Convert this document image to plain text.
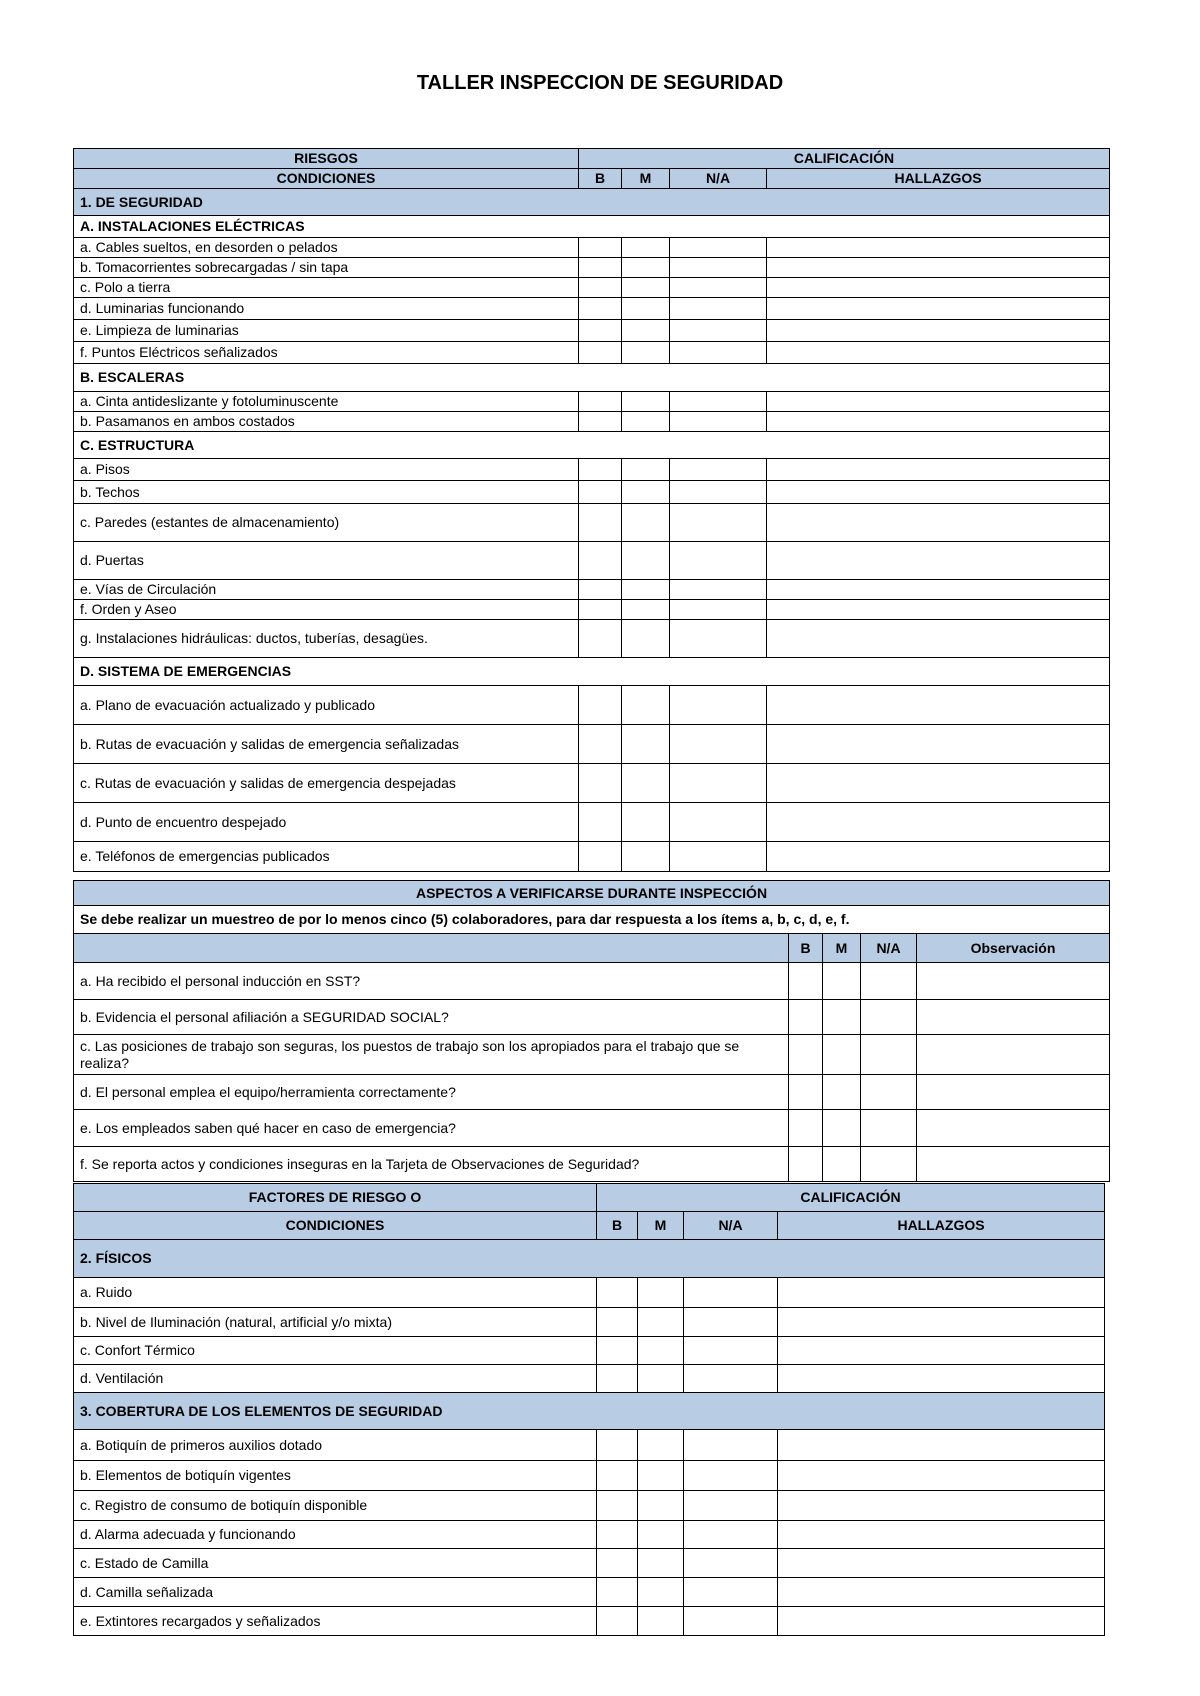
TALLER INSPECCION DE SEGURIDAD
RIESGOS	CALIFICACIÓN			
CONDICIONES	B	M	N/A	HALLAZGOS
1. DE SEGURIDAD				
A. INSTALACIONES ELÉCTRICAS				
a. Cables sueltos, en desorden o pelados				
b. Tomacorrientes sobrecargadas / sin tapa				
c. Polo a tierra				
d. Luminarias funcionando				
e. Limpieza de luminarias				
f. Puntos Eléctricos señalizados				
B. ESCALERAS				
a. Cinta antideslizante y fotoluminuscente				
b. Pasamanos en ambos costados				
C. ESTRUCTURA				
a. Pisos				
b. Techos				
c. Paredes (estantes de almacenamiento)				
d. Puertas				
e. Vías de Circulación				
f. Orden y Aseo				
g. Instalaciones hidráulicas: ductos, tuberías, desagües.				
D. SISTEMA DE EMERGENCIAS				
a. Plano de evacuación actualizado y publicado				
b. Rutas de evacuación y salidas de emergencia señalizadas				
c. Rutas de evacuación y salidas de emergencia despejadas				
d. Punto de encuentro despejado				
e. Teléfonos de emergencias publicados				
ASPECTOS A VERIFICARSE DURANTE INSPECCIÓN				
Se debe realizar un muestreo de por lo menos cinco (5) colaboradores, para dar respuesta a los ítems a, b, c, d, e, f.				
	B	M	N/A	Observación
a. Ha recibido el personal inducción en SST?				
b. Evidencia el personal afiliación a SEGURIDAD SOCIAL?				
c. Las posiciones de trabajo son seguras, los puestos de trabajo son los apropiados para el trabajo que se realiza?				
d. El personal emplea el equipo/herramienta correctamente?				
e. Los empleados saben qué hacer en caso de emergencia?				
f. Se reporta actos y condiciones inseguras en la Tarjeta de Observaciones de Seguridad?				
FACTORES DE RIESGO O	CALIFICACIÓN			
CONDICIONES	B	M	N/A	HALLAZGOS
2. FÍSICOS				
a. Ruido				
b. Nivel de Iluminación (natural, artificial y/o mixta)				
c. Confort Térmico				
d. Ventilación				
3. COBERTURA DE LOS ELEMENTOS DE SEGURIDAD				
a. Botiquín de primeros auxilios dotado				
b. Elementos de botiquín vigentes				
c. Registro de consumo de botiquín disponible				
d. Alarma adecuada y funcionando				
c. Estado de Camilla				
d. Camilla señalizada				
e. Extintores recargados y señalizados				
